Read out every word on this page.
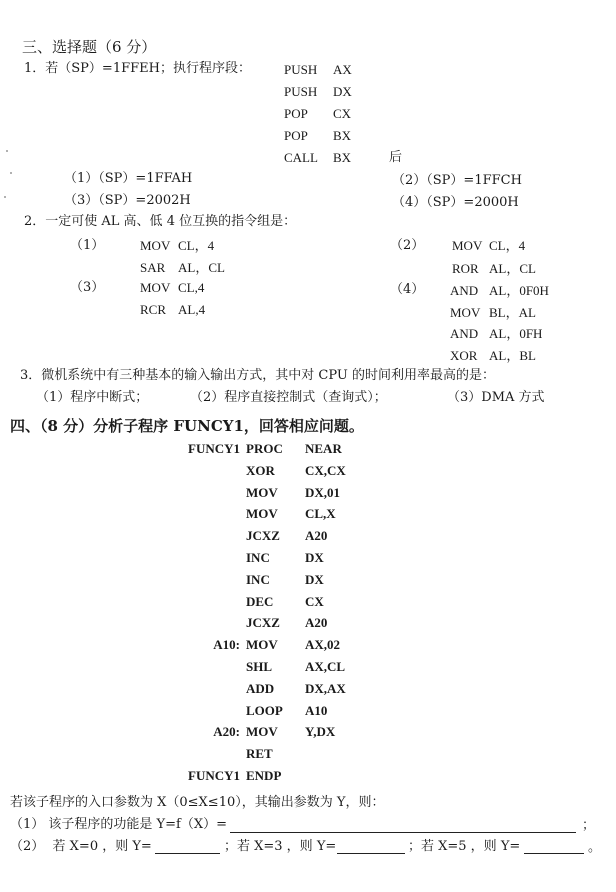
三、选择题（6 分）
1．若（SP）=1FFEH；执行程序段：	PUSH AX
PUSH DX
POP CX
POP BX
CALL BX	后
（1）（SP）=1FFAH	（2）（SP）=1FFCH
（3）（SP）=2002H	（4）（SP）=2000H
2．一定可使 AL 高、低 4 位互换的指令组是：
（1）	MOV CL，4
SAR AL，CL
（2） MOV CL，4
ROR AL，CL
（3）	MOV CL,4
RCR AL,4
（4） AND AL，0F0H
MOV BL，AL
AND AL，0FH
XOR AL，BL
3．微机系统中有三种基本的输入输出方式，其中对 CPU 的时间利用率最高的是：
（1）程序中断式；	（2）程序直接控制式（查询式）；	（3）DMA 方式
四、（8 分）分析子程序 FUNCY1，回答相应问题。
FUNCY1 PROC NEAR
XOR CX,CX
MOV DX,01
MOV CL,X
JCXZ A20
INC	DX
INC	DX
DEC CX
JCXZ A20
A10: MOV AX,02
SHL	AX,CL
ADD DX,AX
LOOP A10
A20: MOV Y,DX
RET
FUNCY1 ENDP
若该子程序的入口参数为 X（0≤X≤10），其输出参数为 Y，则：
（1） 该子程序的功能是 Y=f（X）=	；
（2）  若 X=0 ，则 Y=	；若 X=3 ，则 Y=	；若 X=5 ，则 Y=	。
